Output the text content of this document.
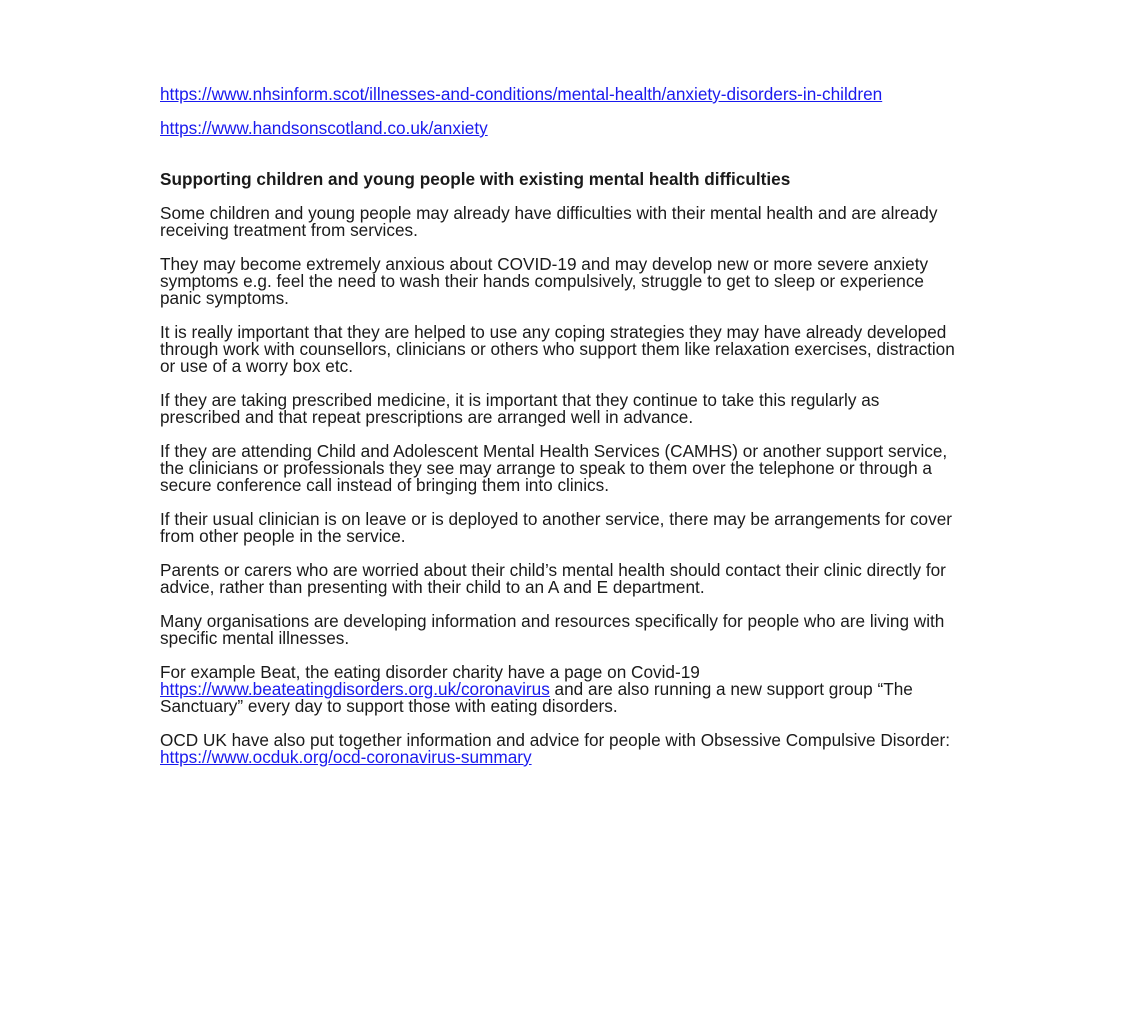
https://www.nhsinform.scot/illnesses-and-conditions/mental-health/anxiety-disorders-in-children

https://www.handsonscotland.co.uk/anxiety

Supporting children and young people with existing mental health difficulties

Some children and young people may already have difficulties with their mental health and are already receiving treatment from services.

They may become extremely anxious about COVID-19 and may develop new or more severe anxiety symptoms e.g. feel the need to wash their hands compulsively, struggle to get to sleep or experience panic symptoms.

It is really important that they are helped to use any coping strategies they may have already developed through work with counsellors, clinicians or others who support them like relaxation exercises, distraction or use of a worry box etc.

If they are taking prescribed medicine, it is important that they continue to take this regularly as prescribed and that repeat prescriptions are arranged well in advance.

If they are attending Child and Adolescent Mental Health Services (CAMHS) or another support service, the clinicians or professionals they see may arrange to speak to them over the telephone or through a secure conference call instead of bringing them into clinics.

If their usual clinician is on leave or is deployed to another service, there may be arrangements for cover from other people in the service.

Parents or carers who are worried about their child’s mental health should contact their clinic directly for advice, rather than presenting with their child to an A and E department.

Many organisations are developing information and resources specifically for people who are living with specific mental illnesses.

For example Beat, the eating disorder charity have a page on Covid-19 https://www.beateatingdisorders.org.uk/coronavirus and are also running a new support group “The Sanctuary” every day to support those with eating disorders.

OCD UK have also put together information and advice for people with Obsessive Compulsive Disorder: https://www.ocduk.org/ocd-coronavirus-summary
